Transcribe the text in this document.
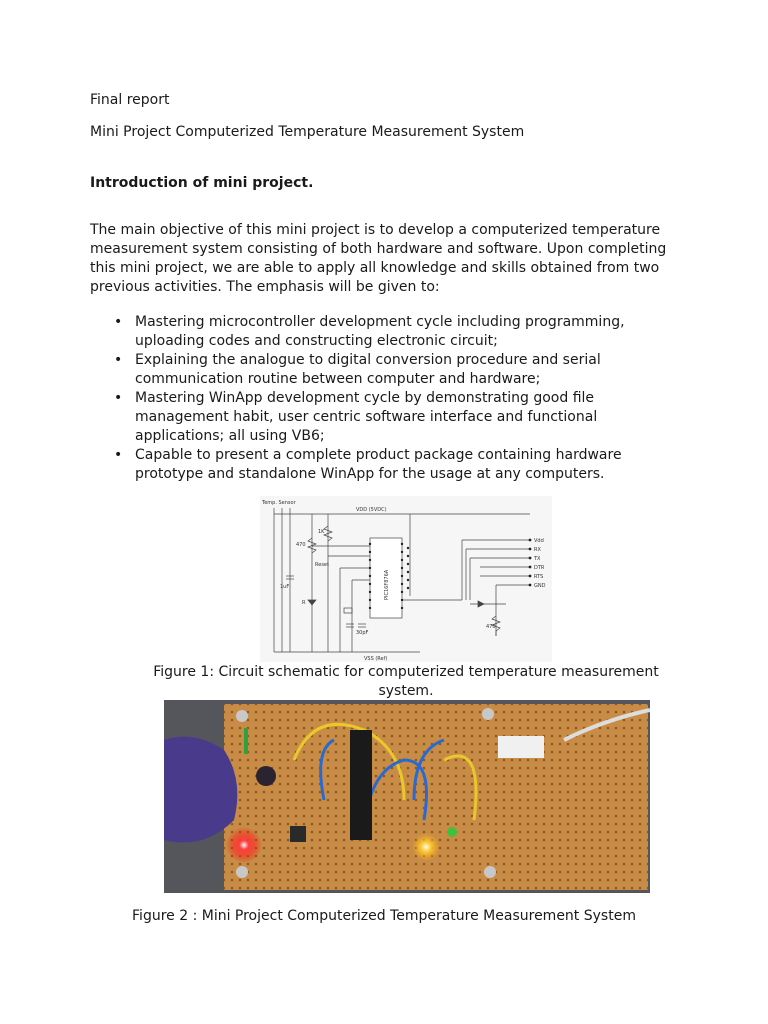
Final report
Mini Project Computerized Temperature Measurement System
Introduction of mini project.
The main objective of this mini project is to develop a computerized temperature
measurement system consisting of both hardware and software. Upon completing
this mini project, we are able to apply all knowledge and skills obtained from two
previous activities. The emphasis will be given to:
• Mastering microcontroller development cycle including programming,
uploading codes and constructing electronic circuit;
• Explaining the analogue to digital conversion procedure and serial
communication routine between computer and hardware;
• Mastering WinApp development cycle by demonstrating good file
management habit, user centric software interface and functional
applications; all using VB6;
• Capable to present a complete product package containing hardware
prototype and standalone WinApp for the usage at any computers.
Temp. Sensor
VDD (5VDC)
VSS (Ref)
1K
470
Reset
1uF
R
30pF
PIC16F876A
470
Vdd
RX
TX
DTR
RTS
GND
Figure 1: Circuit schematic for computerized temperature measurement
system.
Figure 2 : Mini Project Computerized Temperature Measurement System
